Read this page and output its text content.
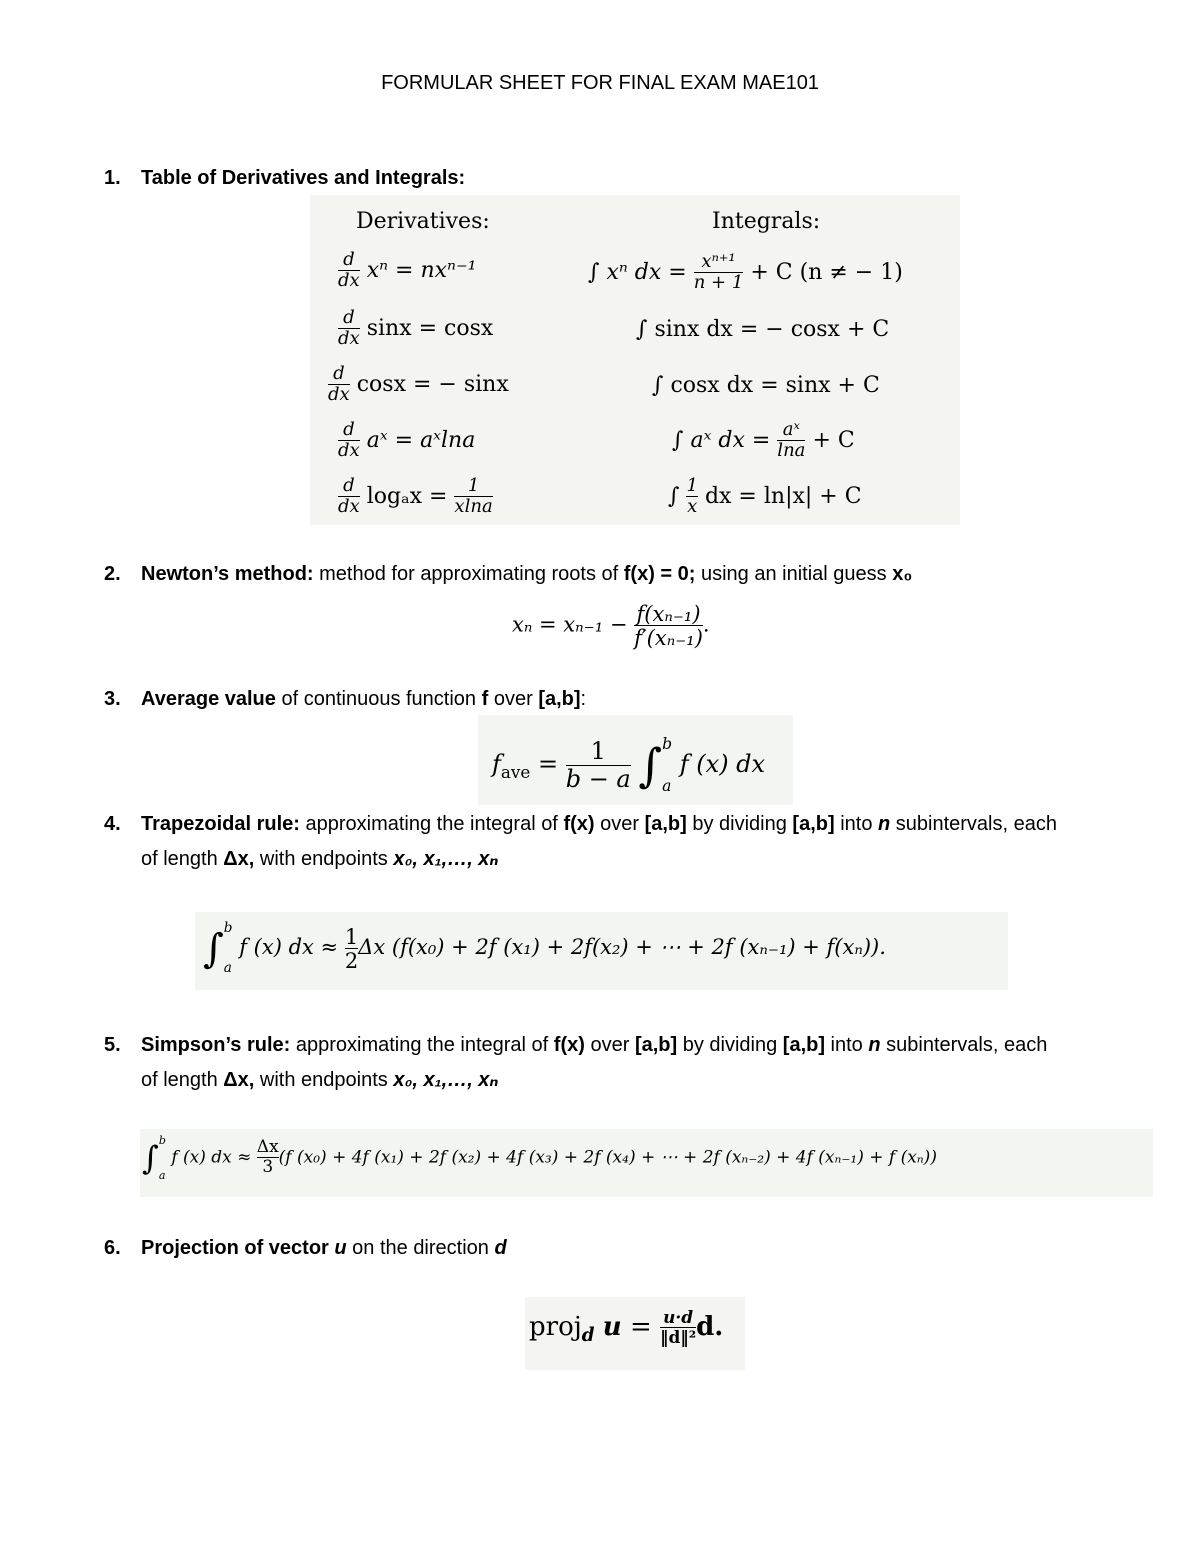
FORMULAR SHEET FOR FINAL EXAM MAE101
1. Table of Derivatives and Integrals:
Derivatives:	Integrals:
$\frac{d}{dx}$ xⁿ = nxⁿ⁻¹
$\frac{d}{dx}$ sinx = cosx
$\frac{d}{dx}$ cosx = − sinx
$\frac{d}{dx}$ aˣ = aˣlna
$\frac{d}{dx}$ $\log_ax = \frac{1}{xlna}$
∫ xⁿ dx = $\frac{\text{xⁿ⁺¹}}{n + 1} + C$ (n ≠ − 1)
∫ sinx dx = − cosx + C
∫ cosx dx = sinx + C
∫ aˣ dx = $\frac{\text{aˣ}}{\ln a} + C$
∫ $\frac{1}{x}$ dx = ln|x| + C
2. Newton’s method: method for approximating roots of f(x) = 0; using an initial guess x₀
$x_n = x_{n-1} - \frac{\text{f(xₙ₋₁)}}{\text{f′(xₙ₋₁)}}$ .
3. Average value of continuous function f over [a,b]:
$f_{ave} = \frac{1}{b - a}$ ∫ b
a
f (x) dx
4. Trapezoidal rule: approximating the integral of f(x) over [a,b] by dividing [a,b] into n subintervals, each
of length Δx, with endpoints x₀, x₁,…, xₙ
∫ b
a
f (x) dx ≈ $\frac{1}{2}$ Δx (f(x₀) + 2f (x₁) + 2f(x₂) + ⋯ + 2f (xₙ₋₁) + f(xₙ)).
5. Simpson’s rule: approximating the integral of f(x) over [a,b] by dividing [a,b] into n subintervals, each
of length Δx, with endpoints x₀, x₁,…, xₙ
∫ b
a
f (x) dx ≈ $\frac{\Delta x}{3} (f$ (x₀) + 4f (x₁) + 2f (x₂) + 4f (x₃) + 2f (x₄) + ⋯ + 2f (xₙ₋₂) + 4f (xₙ₋₁) + f (xₙ))
6. Projection of vector u on the direction d
proj$_d$ $u = \frac{u\cdot d}{\text{‖d‖²}} d$.
